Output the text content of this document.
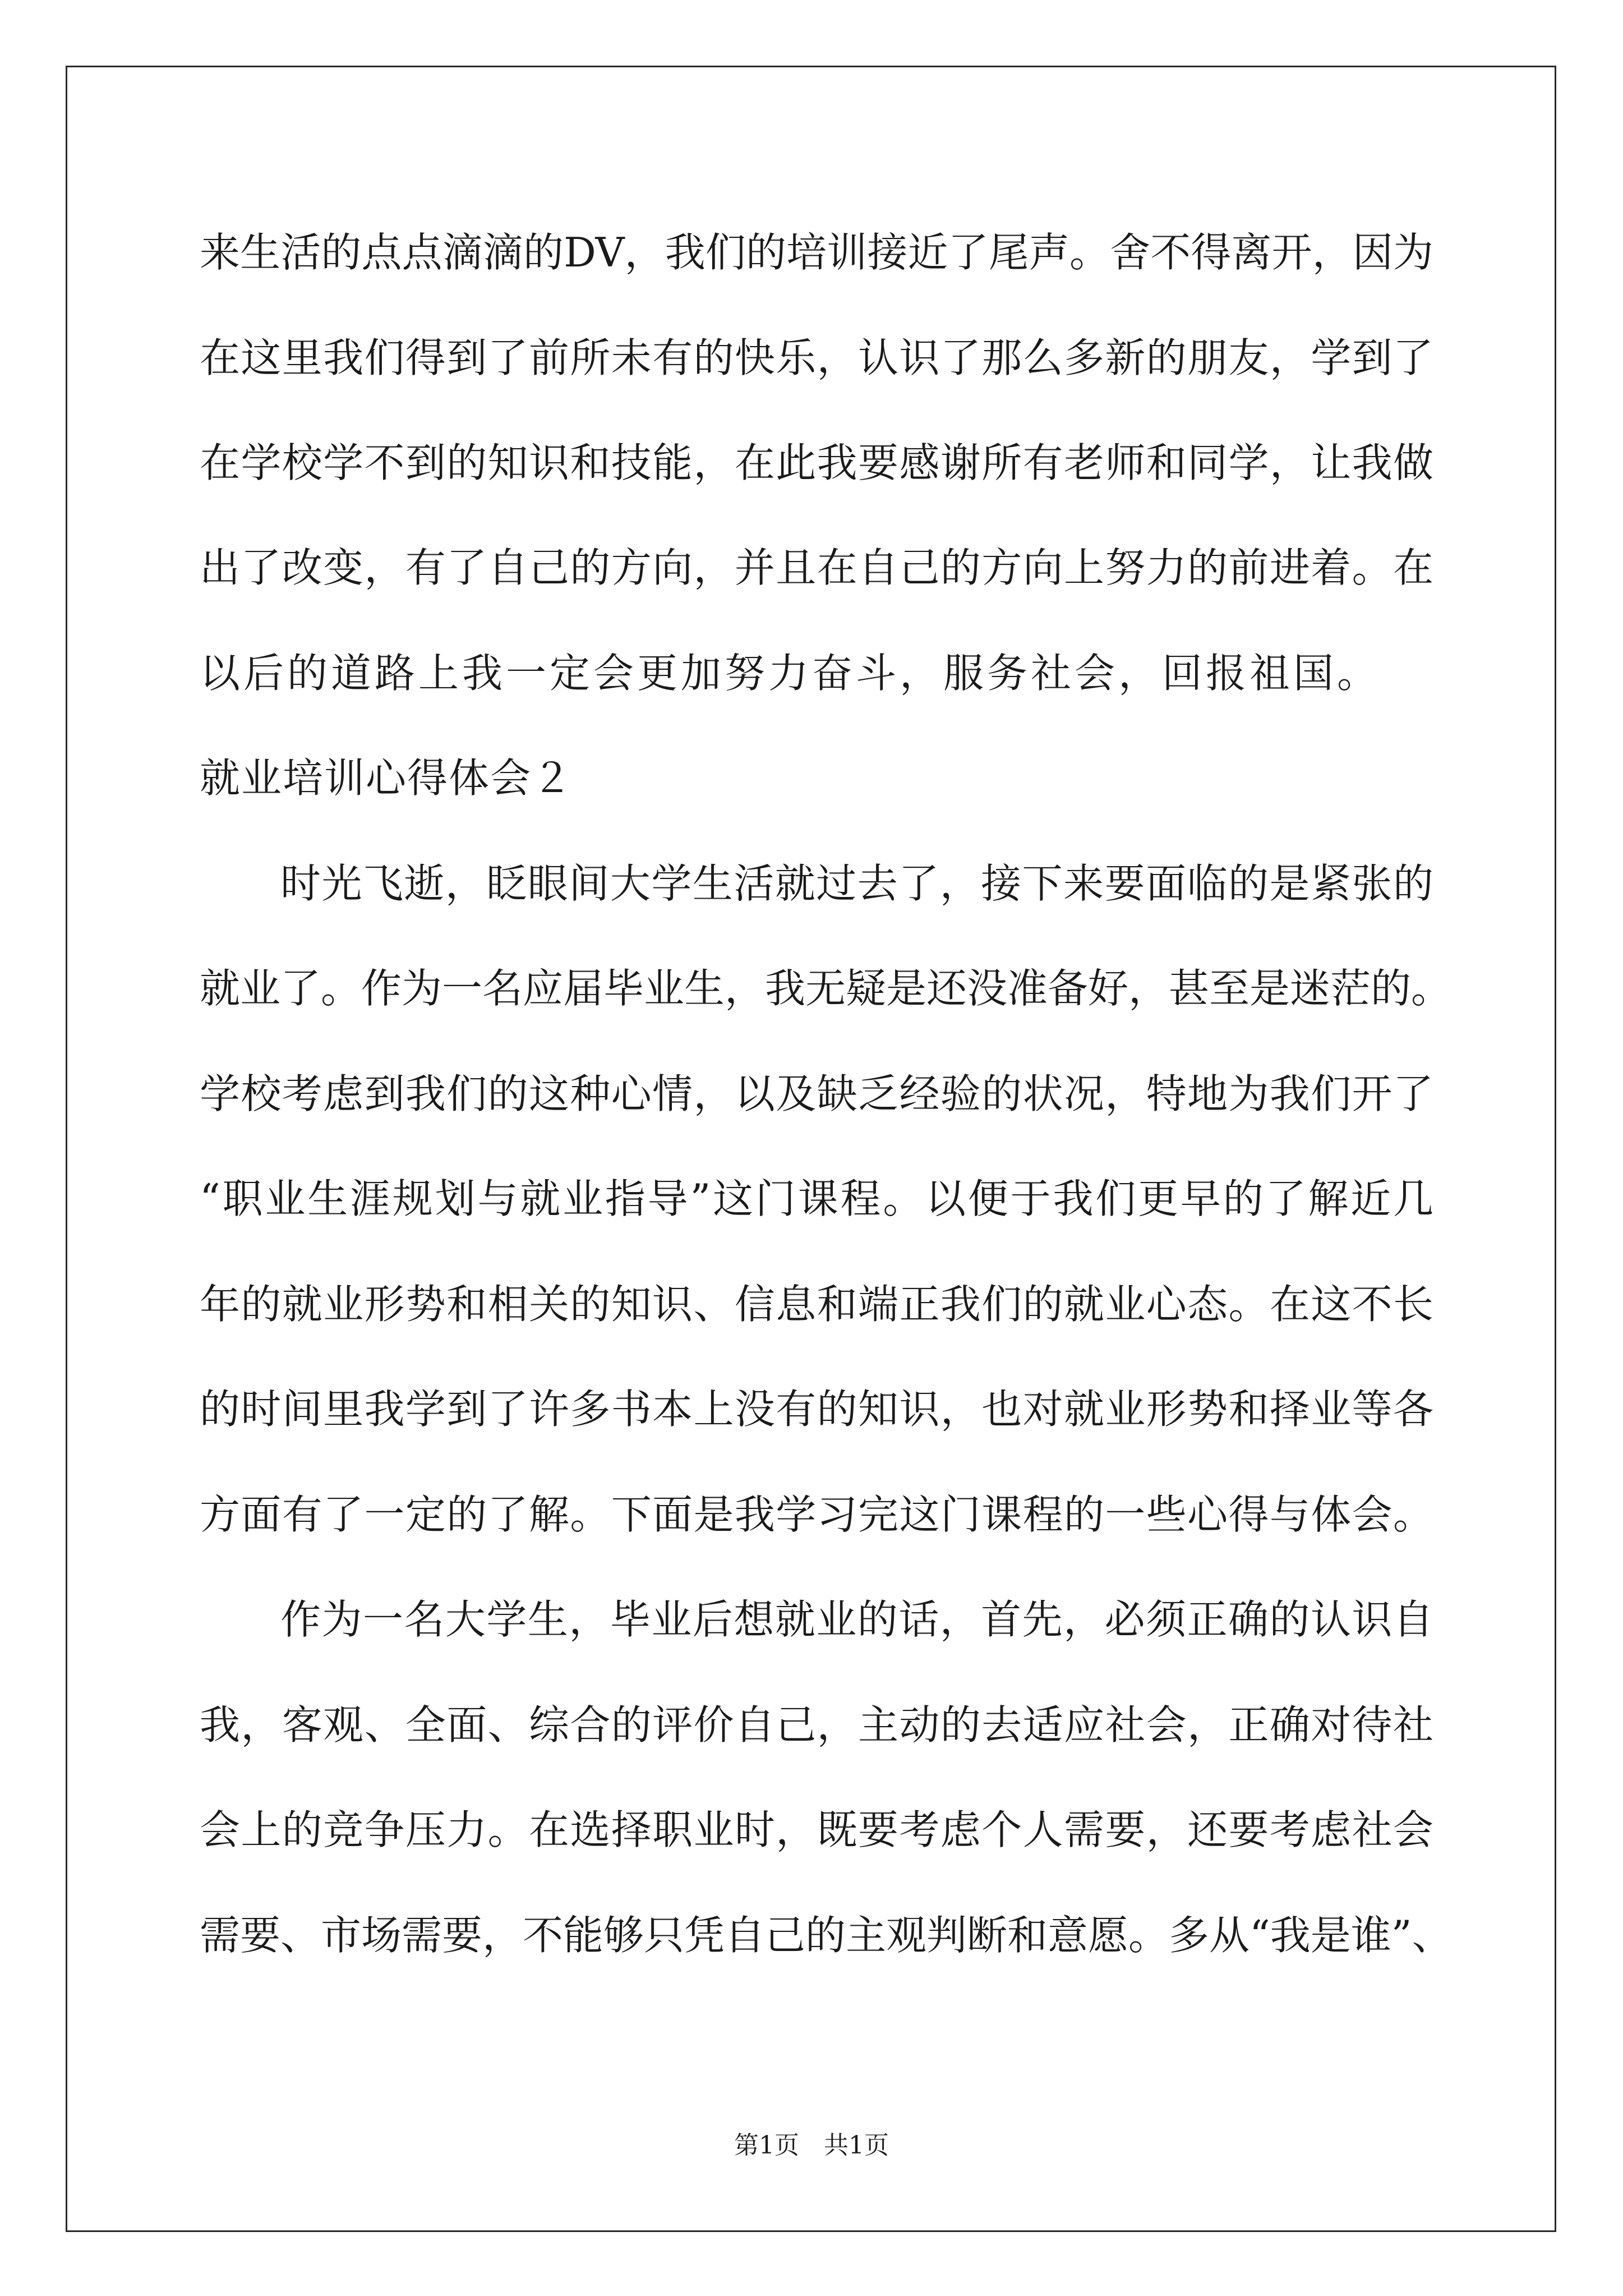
来生活的点点滴滴的DV，我们的培训接近了尾声。舍不得离开，因为
在这里我们得到了前所未有的快乐，认识了那么多新的朋友，学到了
在学校学不到的知识和技能，在此我要感谢所有老师和同学，让我做
出了改变，有了自己的方向，并且在自己的方向上努力的前进着。在
以后的道路上我一定会更加努力奋斗，服务社会，回报祖国。
就业培训心得体会２
时光飞逝，眨眼间大学生活就过去了，接下来要面临的是紧张的
就业了。作为一名应届毕业生，我无疑是还没准备好，甚至是迷茫的。
学校考虑到我们的这种心情，以及缺乏经验的状况，特地为我们开了
“职业生涯规划与就业指导”这门课程。以便于我们更早的了解近几
年的就业形势和相关的知识、信息和端正我们的就业心态。在这不长
的时间里我学到了许多书本上没有的知识，也对就业形势和择业等各
方面有了一定的了解。下面是我学习完这门课程的一些心得与体会。
作为一名大学生，毕业后想就业的话，首先，必须正确的认识自
我，客观、全面、综合的评价自己，主动的去适应社会，正确对待社
会上的竞争压力。在选择职业时，既要考虑个人需要，还要考虑社会
需要、市场需要，不能够只凭自己的主观判断和意愿。多从“我是谁”、
第1页　共1页
